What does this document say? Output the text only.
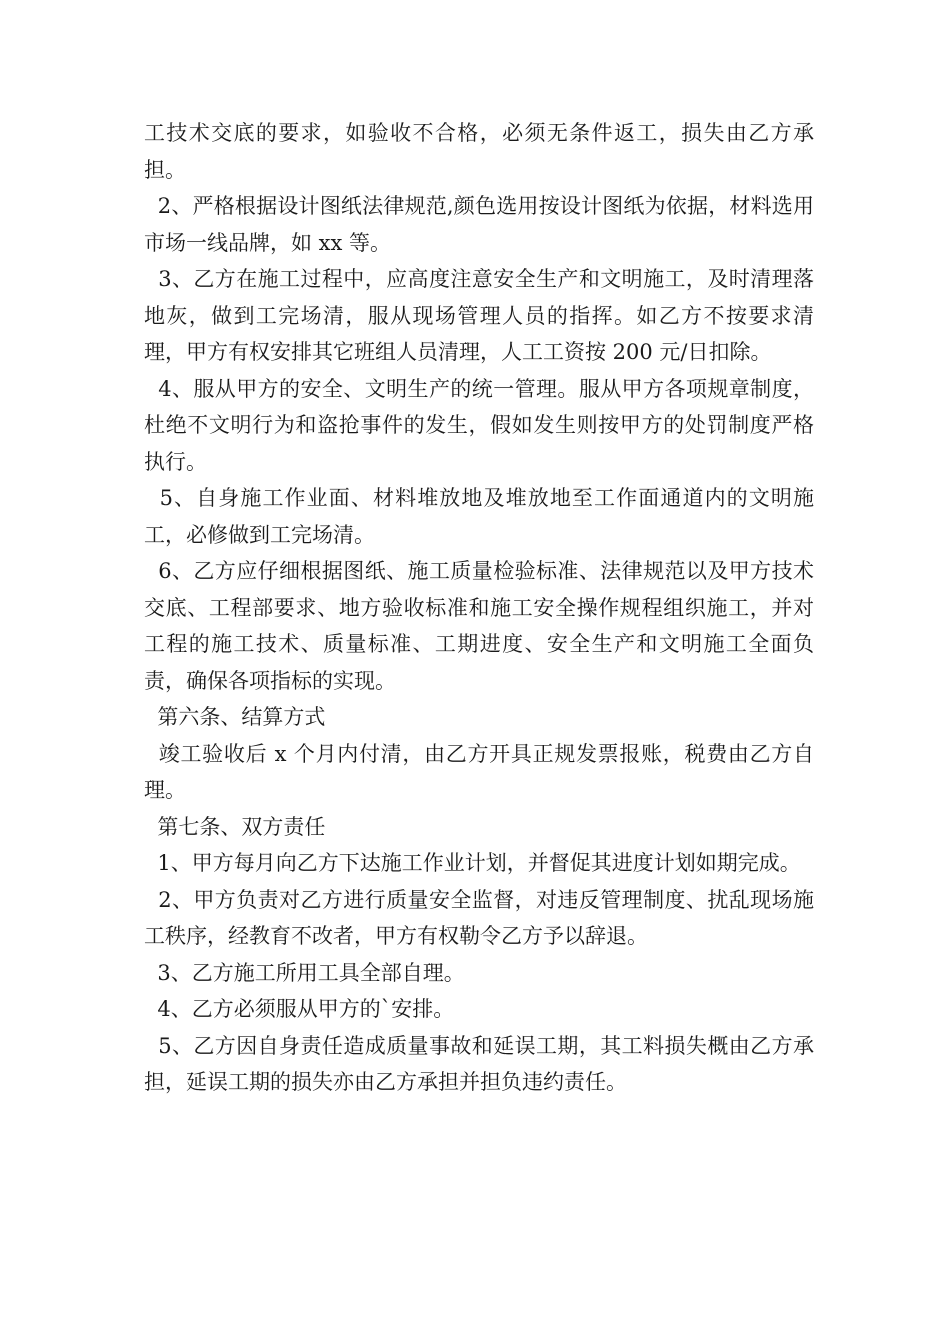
工技术交底的要求，如验收不合格，必须无条件返工，损失由乙方承担。

2、严格根据设计图纸法律规范,颜色选用按设计图纸为依据，材料选用市场一线品牌，如 xx 等。

3、乙方在施工过程中，应高度注意安全生产和文明施工，及时清理落地灰，做到工完场清，服从现场管理人员的指挥。如乙方不按要求清理，甲方有权安排其它班组人员清理，人工工资按 200 元/日扣除。

4、服从甲方的安全、文明生产的统一管理。服从甲方各项规章制度，杜绝不文明行为和盗抢事件的发生，假如发生则按甲方的处罚制度严格执行。

5、自身施工作业面、材料堆放地及堆放地至工作面通道内的文明施工，必修做到工完场清。

6、乙方应仔细根据图纸、施工质量检验标准、法律规范以及甲方技术交底、工程部要求、地方验收标准和施工安全操作规程组织施工，并对工程的施工技术、质量标准、工期进度、安全生产和文明施工全面负责，确保各项指标的实现。

第六条、结算方式

竣工验收后 x 个月内付清，由乙方开具正规发票报账，税费由乙方自理。

第七条、双方责任

1、甲方每月向乙方下达施工作业计划，并督促其进度计划如期完成。

2、甲方负责对乙方进行质量安全监督，对违反管理制度、扰乱现场施工秩序，经教育不改者，甲方有权勒令乙方予以辞退。

3、乙方施工所用工具全部自理。

4、乙方必须服从甲方的`安排。

5、乙方因自身责任造成质量事故和延误工期，其工料损失概由乙方承担，延误工期的损失亦由乙方承担并担负违约责任。
